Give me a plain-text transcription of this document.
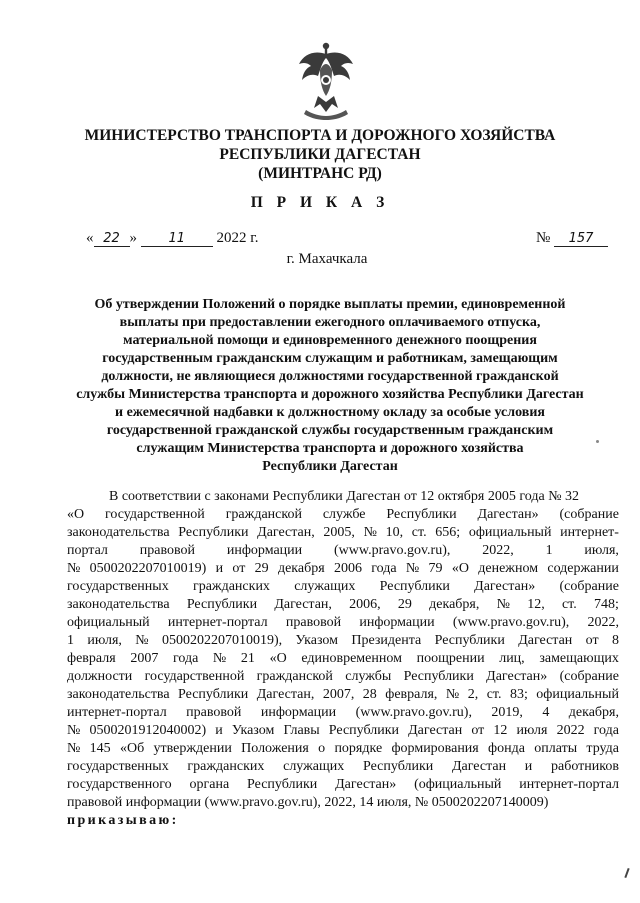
МИНИСТЕРСТВО ТРАНСПОРТА И ДОРОЖНОГО ХОЗЯЙСТВА
РЕСПУБЛИКИ ДАГЕСТАН
(МИНТРАНС РД)
П Р И К А З
« 22 » 11 2022 г.	№ 157
г. Махачкала
Об утверждении Положений о порядке выплаты премии, единовременной
выплаты при предоставлении ежегодного оплачиваемого отпуска,
материальной помощи и единовременного денежного поощрения
государственным гражданским служащим и работникам, замещающим
должности, не являющиеся должностями государственной гражданской
службы Министерства транспорта и дорожного хозяйства Республики Дагестан
и ежемесячной надбавки к должностному окладу за особые условия
государственной гражданской службы государственным гражданским
служащим Министерства транспорта и дорожного хозяйства
Республики Дагестан
В соответствии с законами Республики Дагестан от 12 октября 2005 года № 32
«О государственной гражданской службе Республики Дагестан» (собрание
законодательства Республики Дагестан, 2005, № 10, ст. 656; официальный интернет-
портал правовой информации (www.pravo.gov.ru), 2022, 1 июля,
№ 0500202207010019) и от 29 декабря 2006 года № 79 «О денежном содержании
государственных гражданских служащих Республики Дагестан» (собрание
законодательства Республики Дагестан, 2006, 29 декабря, № 12, ст. 748;
официальный интернет-портал правовой информации (www.pravo.gov.ru), 2022,
1 июля, № 0500202207010019), Указом Президента Республики Дагестан от 8
февраля 2007 года № 21 «О единовременном поощрении лиц, замещающих
должности государственной гражданской службы Республики Дагестан» (собрание
законодательства Республики Дагестан, 2007, 28 февраля, № 2, ст. 83; официальный
интернет-портал правовой информации (www.pravo.gov.ru), 2019, 4 декабря,
№ 0500201912040002) и Указом Главы Республики Дагестан от 12 июля 2022 года
№ 145 «Об утверждении Положения о порядке формирования фонда оплаты труда
государственных гражданских служащих Республики Дагестан и работников
государственного органа Республики Дагестан» (официальный интернет-портал
правовой информации (www.pravo.gov.ru), 2022, 14 июля, № 0500202207140009)
приказываю:
